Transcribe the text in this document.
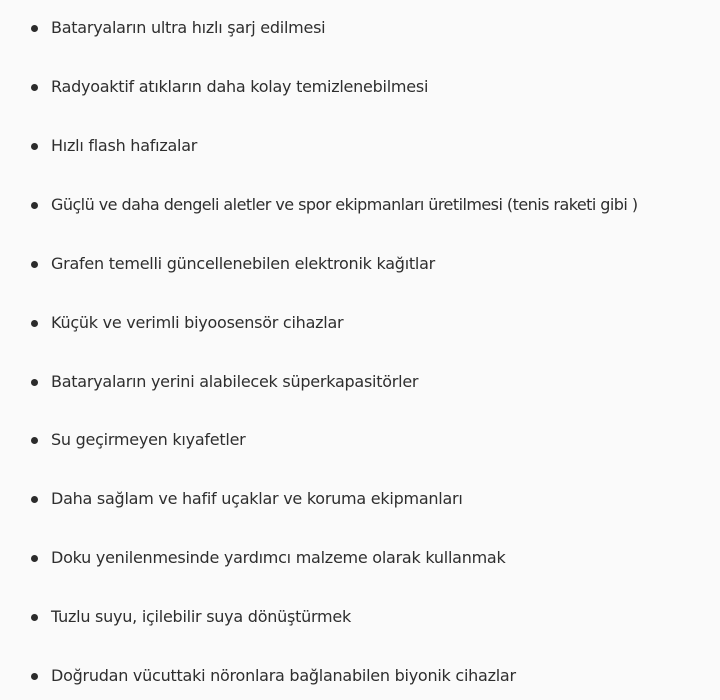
Bataryaların ultra hızlı şarj edilmesi
Radyoaktif atıkların daha kolay temizlenebilmesi
Hızlı flash hafızalar
Güçlü ve daha dengeli aletler ve spor ekipmanları üretilmesi (tenis raketi gibi )
Grafen temelli güncellenebilen elektronik kağıtlar
Küçük ve verimli biyoosensör cihazlar
Bataryaların yerini alabilecek süperkapasitörler
Su geçirmeyen kıyafetler
Daha sağlam ve hafif uçaklar ve koruma ekipmanları
Doku yenilenmesinde yardımcı malzeme olarak kullanmak
Tuzlu suyu, içilebilir suya dönüştürmek
Doğrudan vücuttaki nöronlara bağlanabilen biyonik cihazlar
